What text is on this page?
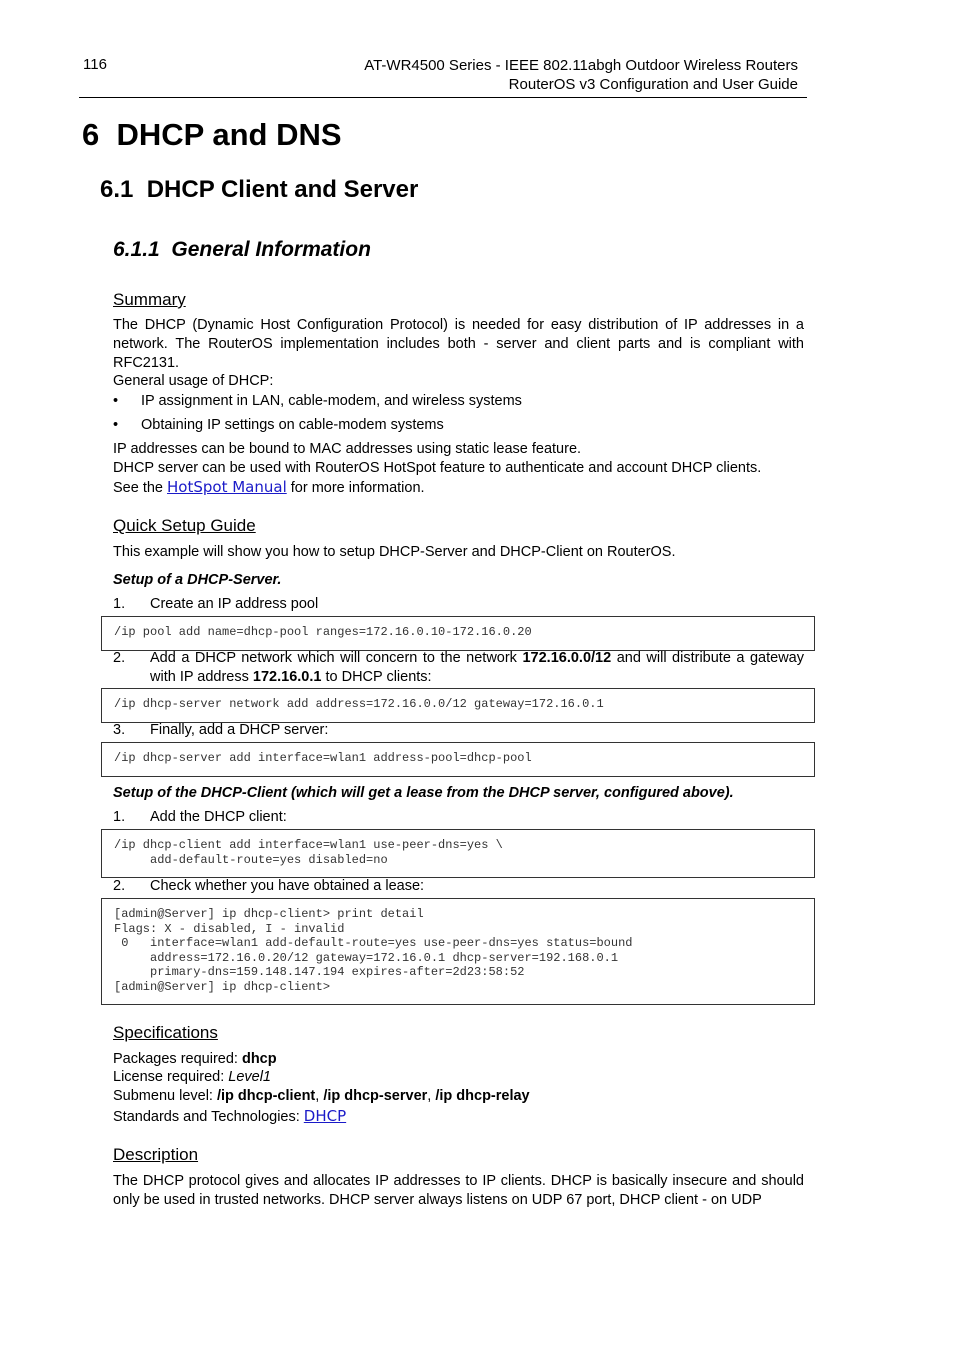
116	AT-WR4500 Series - IEEE 802.11abgh Outdoor Wireless Routers
RouterOS v3 Configuration and User Guide
6  DHCP and DNS
6.1  DHCP Client and Server
6.1.1  General Information
Summary
The DHCP (Dynamic Host Configuration Protocol) is needed for easy distribution of IP addresses in a network. The RouterOS implementation includes both - server and client parts and is compliant with RFC2131.
General usage of DHCP:
• IP assignment in LAN, cable-modem, and wireless systems
• Obtaining IP settings on cable-modem systems
IP addresses can be bound to MAC addresses using static lease feature.
DHCP server can be used with RouterOS HotSpot feature to authenticate and account DHCP clients.
See the HotSpot Manual for more information.
Quick Setup Guide
This example will show you how to setup DHCP-Server and DHCP-Client on RouterOS.
Setup of a DHCP-Server.
1. Create an IP address pool
/ip pool add name=dhcp-pool ranges=172.16.0.10-172.16.0.20
2. Add a DHCP network which will concern to the network 172.16.0.0/12 and will distribute a gateway with IP address 172.16.0.1 to DHCP clients:
/ip dhcp-server network add address=172.16.0.0/12 gateway=172.16.0.1
3. Finally, add a DHCP server:
/ip dhcp-server add interface=wlan1 address-pool=dhcp-pool
Setup of the DHCP-Client (which will get a lease from the DHCP server, configured above).
1. Add the DHCP client:
/ip dhcp-client add interface=wlan1 use-peer-dns=yes \
add-default-route=yes disabled=no
2. Check whether you have obtained a lease:
[admin@Server] ip dhcp-client> print detail
Flags: X - disabled, I - invalid
0   interface=wlan1 add-default-route=yes use-peer-dns=yes status=bound
address=172.16.0.20/12 gateway=172.16.0.1 dhcp-server=192.168.0.1
primary-dns=159.148.147.194 expires-after=2d23:58:52
[admin@Server] ip dhcp-client>
Specifications
Packages required: dhcp
License required: Level1
Submenu level: /ip dhcp-client, /ip dhcp-server, /ip dhcp-relay
Standards and Technologies: DHCP
Description
The DHCP protocol gives and allocates IP addresses to IP clients. DHCP is basically insecure and should only be used in trusted networks. DHCP server always listens on UDP 67 port, DHCP client - on UDP
